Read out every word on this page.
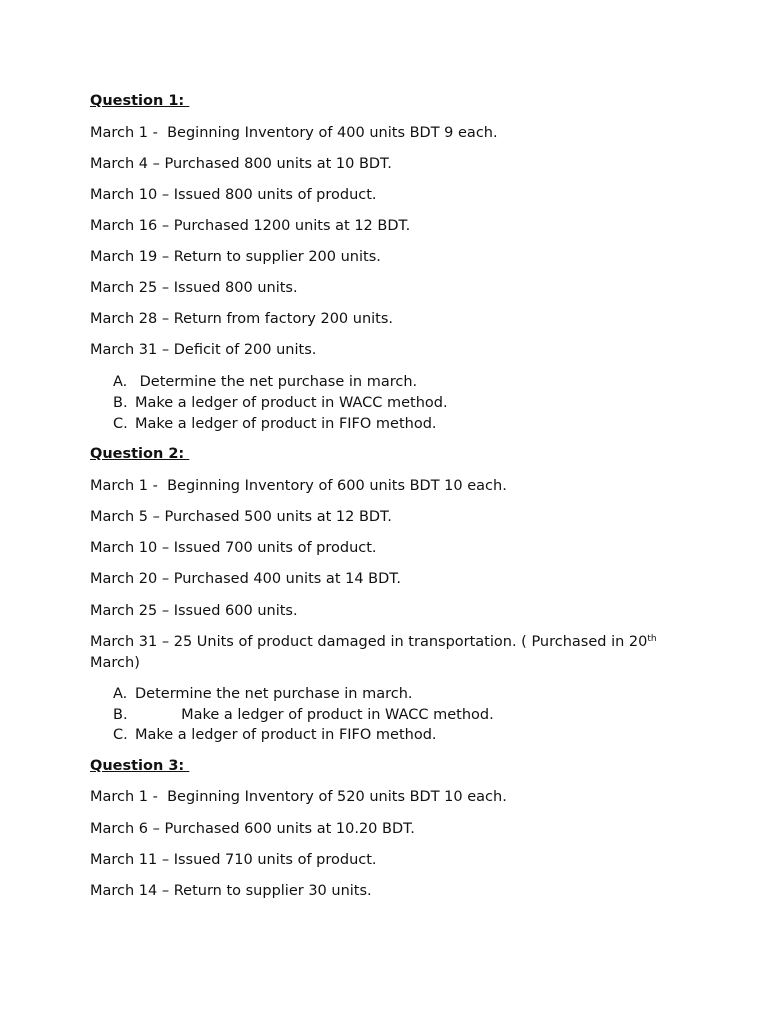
Question 1:

March 1 -  Beginning Inventory of 400 units BDT 9 each.

March 4 – Purchased 800 units at 10 BDT.

March 10 – Issued 800 units of product.

March 16 – Purchased 1200 units at 12 BDT.

March 19 – Return to supplier 200 units.

March 25 – Issued 800 units.

March 28 – Return from factory 200 units.

March 31 – Deficit of 200 units.

A. Determine the net purchase in march.

B. Make a ledger of product in WACC method.

C. Make a ledger of product in FIFO method.

Question 2:

March 1 -  Beginning Inventory of 600 units BDT 10 each.

March 5 – Purchased 500 units at 12 BDT.

March 10 – Issued 700 units of product.

March 20 – Purchased 400 units at 14 BDT.

March 25 – Issued 600 units.

March 31 – 25 Units of product damaged in transportation. ( Purchased in 20th March)

A. Determine the net purchase in march.

B.          Make a ledger of product in WACC method.

C. Make a ledger of product in FIFO method.

Question 3:

March 1 -  Beginning Inventory of 520 units BDT 10 each.

March 6 – Purchased 600 units at 10.20 BDT.

March 11 – Issued 710 units of product.

March 14 – Return to supplier 30 units.
